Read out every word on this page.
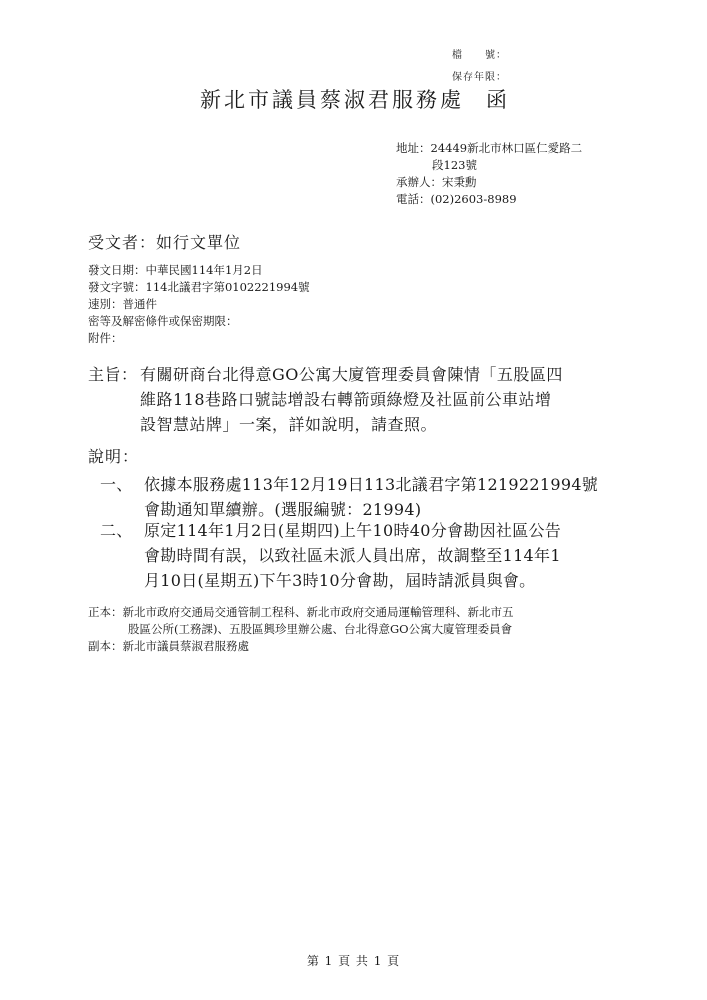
檔　　號：
保存年限：
新北市議員蔡淑君服務處 函
地址：24449新北市林口區仁愛路二
段123號
承辦人：宋秉勳
電話：(02)2603-8989
受文者：如行文單位
發文日期：中華民國114年1月2日
發文字號：114北議君字第0102221994號
速別：普通件
密等及解密條件或保密期限：
附件：
主旨： 有關研商台北得意GO公寓大廈管理委員會陳情「五股區四
維路118巷路口號誌增設右轉箭頭綠燈及社區前公車站增
設智慧站牌」一案，詳如說明，請查照。
說明：
一、 依據本服務處113年12月19日113北議君字第1219221994號
會勘通知單續辦。(選服編號：21994)
二、 原定114年1月2日(星期四)上午10時40分會勘因社區公告
會勘時間有誤，以致社區未派人員出席，故調整至114年1
月10日(星期五)下午3時10分會勘，屆時請派員與會。
正本：新北市政府交通局交通管制工程科、新北市政府交通局運輸管理科、新北市五
股區公所(工務課)、五股區興珍里辦公處、台北得意GO公寓大廈管理委員會
副本：新北市議員蔡淑君服務處
第 1 頁 共 1 頁
